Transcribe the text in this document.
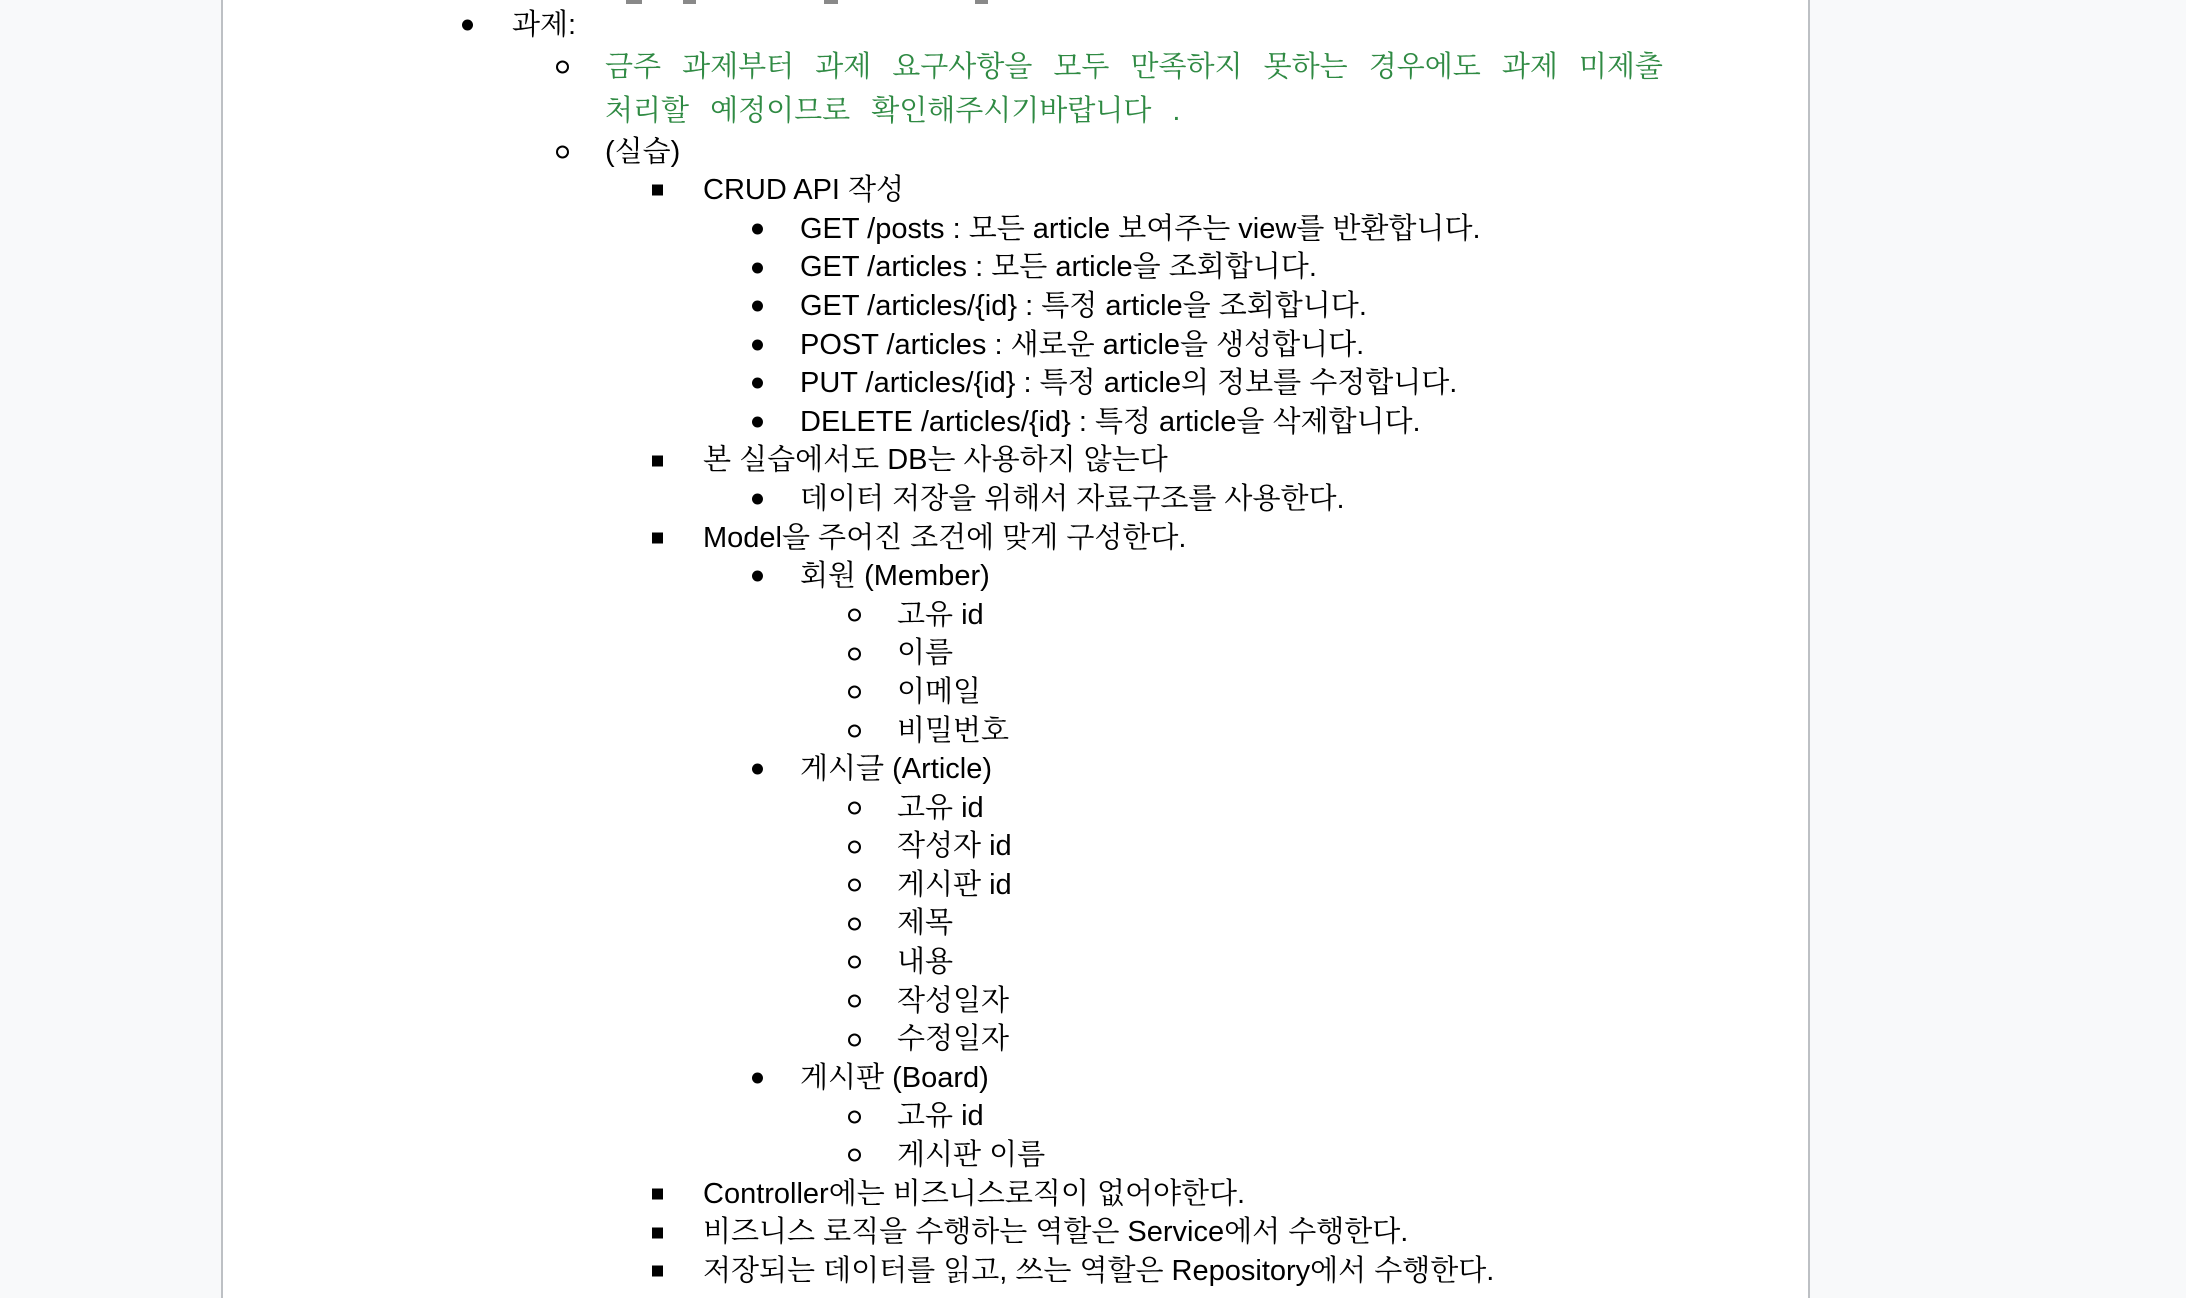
과제:
금주 과제부터 과제 요구사항을 모두 만족하지 못하는 경우에도 과제 미제출
처리할 예정이므로 확인해주시기바랍니다 .
(실습)
CRUD API 작성
GET /posts : 모든 article 보여주는 view를 반환합니다.
GET /articles : 모든 article을 조회합니다.
GET /articles/{id} : 특정 article을 조회합니다.
POST /articles : 새로운 article을 생성합니다.
PUT /articles/{id} : 특정 article의 정보를 수정합니다.
DELETE /articles/{id} : 특정 article을 삭제합니다.
본 실습에서도 DB는 사용하지 않는다
데이터 저장을 위해서 자료구조를 사용한다.
Model을 주어진 조건에 맞게 구성한다.
회원 (Member)
고유 id
이름
이메일
비밀번호
게시글 (Article)
고유 id
작성자 id
게시판 id
제목
내용
작성일자
수정일자
게시판 (Board)
고유 id
게시판 이름
Controller에는 비즈니스로직이 없어야한다.
비즈니스 로직을 수행하는 역할은 Service에서 수행한다.
저장되는 데이터를 읽고, 쓰는 역할은 Repository에서 수행한다.
